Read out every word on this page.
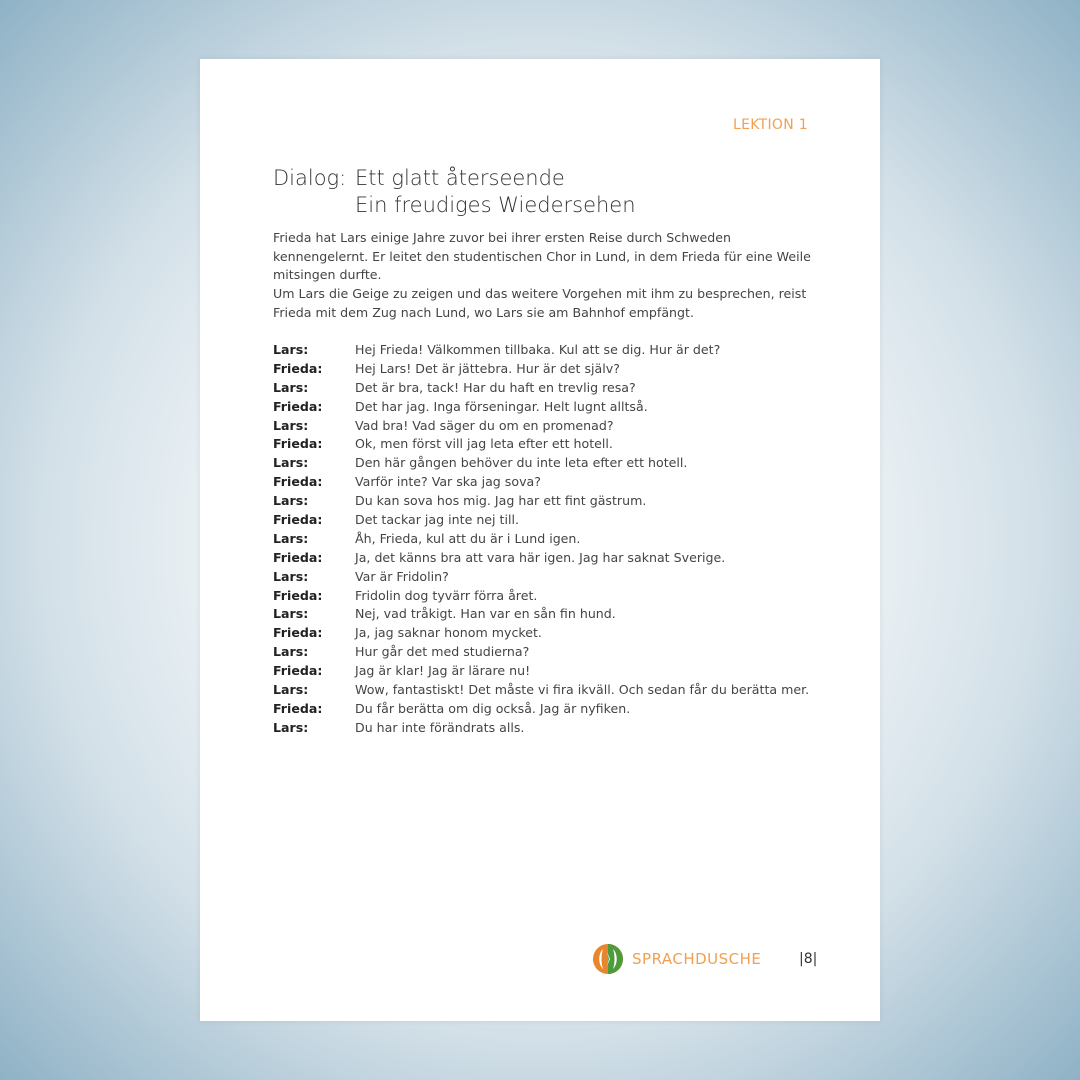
LEKTION 1
Dialog: Ett glatt återseende
Ein freudiges Wiedersehen

Frieda hat Lars einige Jahre zuvor bei ihrer ersten Reise durch Schweden kennengelernt. Er leitet den studentischen Chor in Lund, in dem Frieda für eine Weile mitsingen durfte.

Um Lars die Geige zu zeigen und das weitere Vorgehen mit ihm zu besprechen, reist Frieda mit dem Zug nach Lund, wo Lars sie am Bahnhof empfängt.

Lars:	Hej Frieda! Välkommen tillbaka. Kul att se dig. Hur är det?
Frieda:	Hej Lars! Det är jättebra. Hur är det själv?
Lars:	Det är bra, tack! Har du haft en trevlig resa?
Frieda:	Det har jag. Inga förseningar. Helt lugnt alltså.
Lars:	Vad bra! Vad säger du om en promenad?
Frieda:	Ok, men först vill jag leta efter ett hotell.
Lars:	Den här gången behöver du inte leta efter ett hotell.
Frieda:	Varför inte? Var ska jag sova?
Lars:	Du kan sova hos mig. Jag har ett fint gästrum.
Frieda:	Det tackar jag inte nej till.
Lars:	Åh, Frieda, kul att du är i Lund igen.
Frieda:	Ja, det känns bra att vara här igen. Jag har saknat Sverige.
Lars:	Var är Fridolin?
Frieda:	Fridolin dog tyvärr förra året.
Lars:	Nej, vad tråkigt. Han var en sån fin hund.
Frieda:	Ja, jag saknar honom mycket.
Lars:	Hur går det med studierna?
Frieda:	Jag är klar! Jag är lärare nu!
Lars:	Wow, fantastiskt! Det måste vi fira ikväll. Och sedan får du berätta mer.
Frieda:	Du får berätta om dig också. Jag är nyfiken.
Lars:	Du har inte förändrats alls.
SPRACHDUSCHE	|8|
